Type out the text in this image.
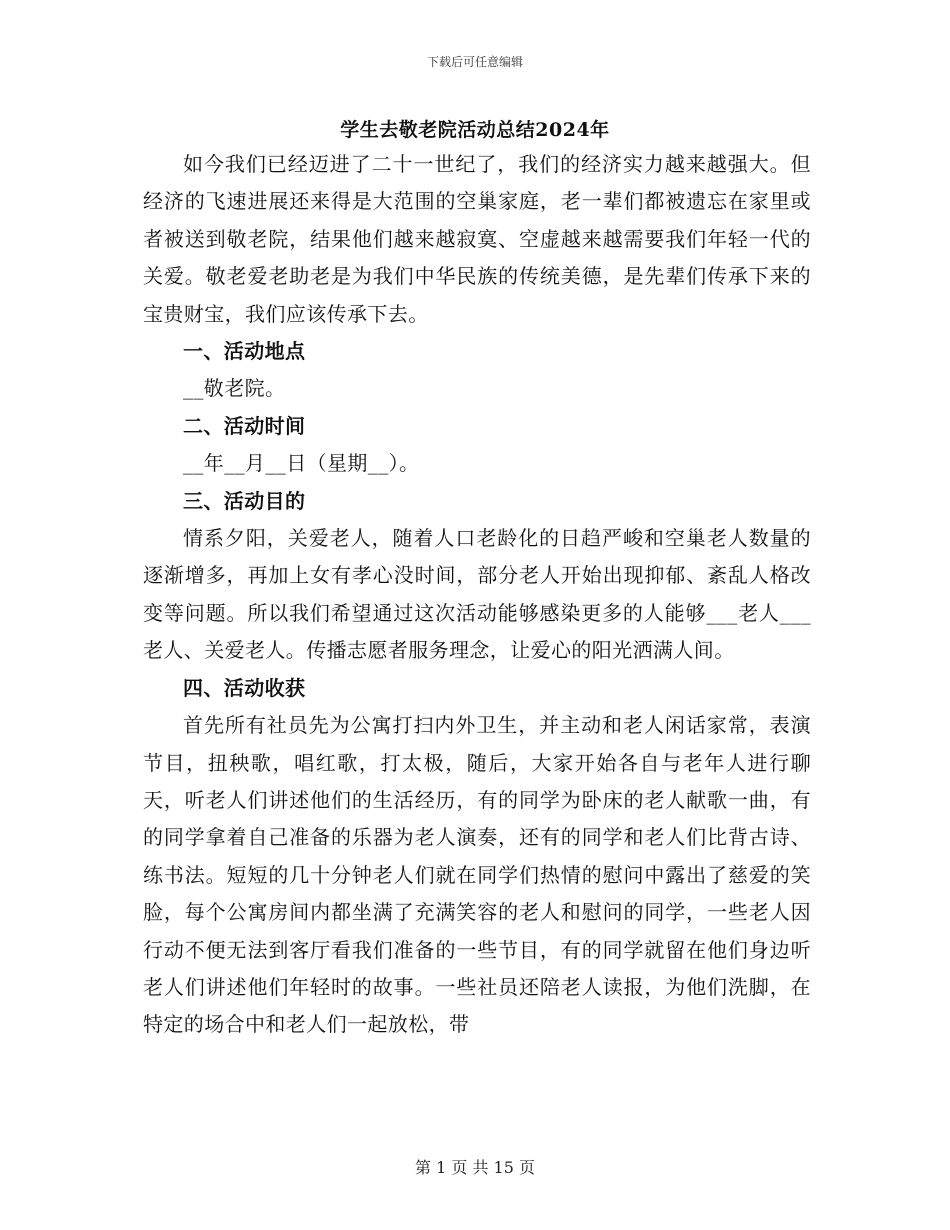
下载后可任意编辑
学生去敬老院活动总结2024年

如今我们已经迈进了二十一世纪了，我们的经济实力越来越强大。但经济的飞速进展还来得是大范围的空巢家庭，老一辈们都被遗忘在家里或者被送到敬老院，结果他们越来越寂寞、空虚越来越需要我们年轻一代的关爱。敬老爱老助老是为我们中华民族的传统美德，是先辈们传承下来的宝贵财宝，我们应该传承下去。

一、活动地点

__敬老院。

二、活动时间

__年__月__日（星期__）。

三、活动目的

情系夕阳，关爱老人，随着人口老龄化的日趋严峻和空巢老人数量的逐渐增多，再加上女有孝心没时间，部分老人开始出现抑郁、紊乱人格改变等问题。所以我们希望通过这次活动能够感染更多的人能够___老人___老人、关爱老人。传播志愿者服务理念，让爱心的阳光洒满人间。

四、活动收获

首先所有社员先为公寓打扫内外卫生，并主动和老人闲话家常，表演节目，扭秧歌，唱红歌，打太极，随后，大家开始各自与老年人进行聊天，听老人们讲述他们的生活经历，有的同学为卧床的老人献歌一曲，有的同学拿着自己准备的乐器为老人演奏，还有的同学和老人们比背古诗、练书法。短短的几十分钟老人们就在同学们热情的慰问中露出了慈爱的笑脸，每个公寓房间内都坐满了充满笑容的老人和慰问的同学，一些老人因行动不便无法到客厅看我们准备的一些节目，有的同学就留在他们身边听老人们讲述他们年轻时的故事。一些社员还陪老人读报，为他们洗脚，在特定的场合中和老人们一起放松，带

第 1 页 共 15 页
